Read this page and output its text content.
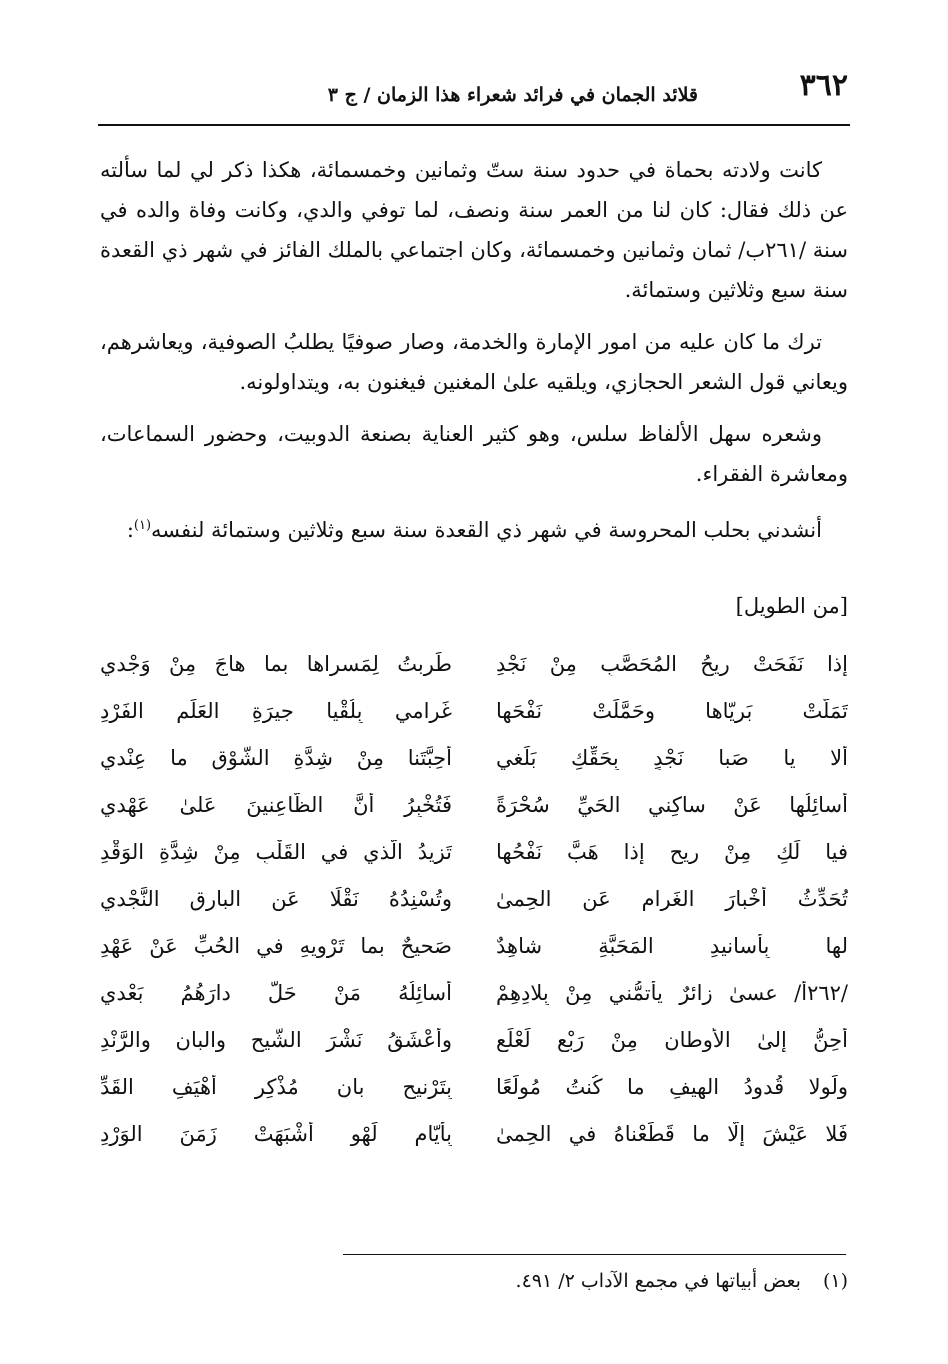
٣٦٢
قلائد الجمان في فرائد شعراء هذا الزمان / ج ٣

كانت ولادته بحماة في حدود سنة ستّ وثمانين وخمسمائة، هكذا ذكر لي لما سألته عن ذلك فقال: كان لنا من العمر سنة ونصف، لما توفي والدي، وكانت وفاة والده في سنة /٢٦١ب/ ثمان وثمانين وخمسمائة، وكان اجتماعي بالملك الفائز في شهر ذي القعدة سنة سبع وثلاثين وستمائة.

ترك ما كان عليه من امور الإمارة والخدمة، وصار صوفيًا يطلبُ الصوفية، ويعاشرهم، ويعاني قول الشعر الحجازي، ويلقيه علىٰ المغنين فيغنون به، ويتداولونه.

وشعره سهل الألفاظ سلس، وهو كثير العناية بصنعة الدوبيت، وحضور السماعات، ومعاشرة الفقراء.

أنشدني بحلب المحروسة في شهر ذي القعدة سنة سبع وثلاثين وستمائة لنفسه$^{(١)}$:

[من الطويل]
إذا نَفَحَتْ ريحُ المُحَصَّبِ مِنْ نَجْدِ
طَرِبتُ لِمَسراها بما هاجَ مِنْ وَجْدي
تَمَلَّتْ بَرِيّاها وحَمَّلَتْ نَفْحَها
غَرامي بِلُقْيا جيرَةِ العَلَمِ الفَرْدِ
ألا يا صَبا نَجْدٍ بِحَقِّكِ بَلِّغي
أحِبَّتَنا مِنْ شِدَّةِ الشَّوْقِ ما عِنْدي
أُسائِلُها عَنْ ساكِني الحَيِّ سُحْرَةً
فَتُخْبِرُ أنَّ الظّاعِنينَ عَلىٰ عَهْدي
فيا لَكِ مِنْ ريحٍ إذا هَبَّ نَفْحُها
تَزيدُ الَّذي في القَلْبِ مِنْ شِدَّةِ الوَقْدِ
تُحَدِّثُ أخْبارَ الغَرامِ عَنِ الحِمىٰ
وتُسْنِدُهُ نَقْلًا عَنِ البارِقِ النَّجْدي
لها بِأسانيدِ المَحَبَّةِ شاهِدٌ
صَحيحٌ بما تَرْويهِ في الحُبِّ عَنْ عَهْدِ
/٢٦٢أ/ عسىٰ زائرٌ يأتمُّني مِنْ بِلادِهِمْ
أُسائِلُهُ مَنْ حَلَّ دارَهُمُ بَعْدي
أحِنُّ إلىٰ الأوطانِ مِنْ رَبْعِ لَعْلَعٍ
وأعْشَقُ نَشْرَ الشّيحِ والبانِ والرَّنْدِ
ولَولا قُدودُ الهِيفِ ما كُنتُ مُولَعًا
بِتَرْنيحِ بانٍ مُذْكِرٍ أهْيَفِ القَدِّ
فَلا عَيْشَ إلّا ما قَطَعْناهُ في الحِمىٰ
بِأيّامِ لَهْوٍ أشْبَهَتْ زَمَنَ الوَرْدِ
(١)بعض أبياتها في مجمع الآداب ٢/ ٤٩١.
